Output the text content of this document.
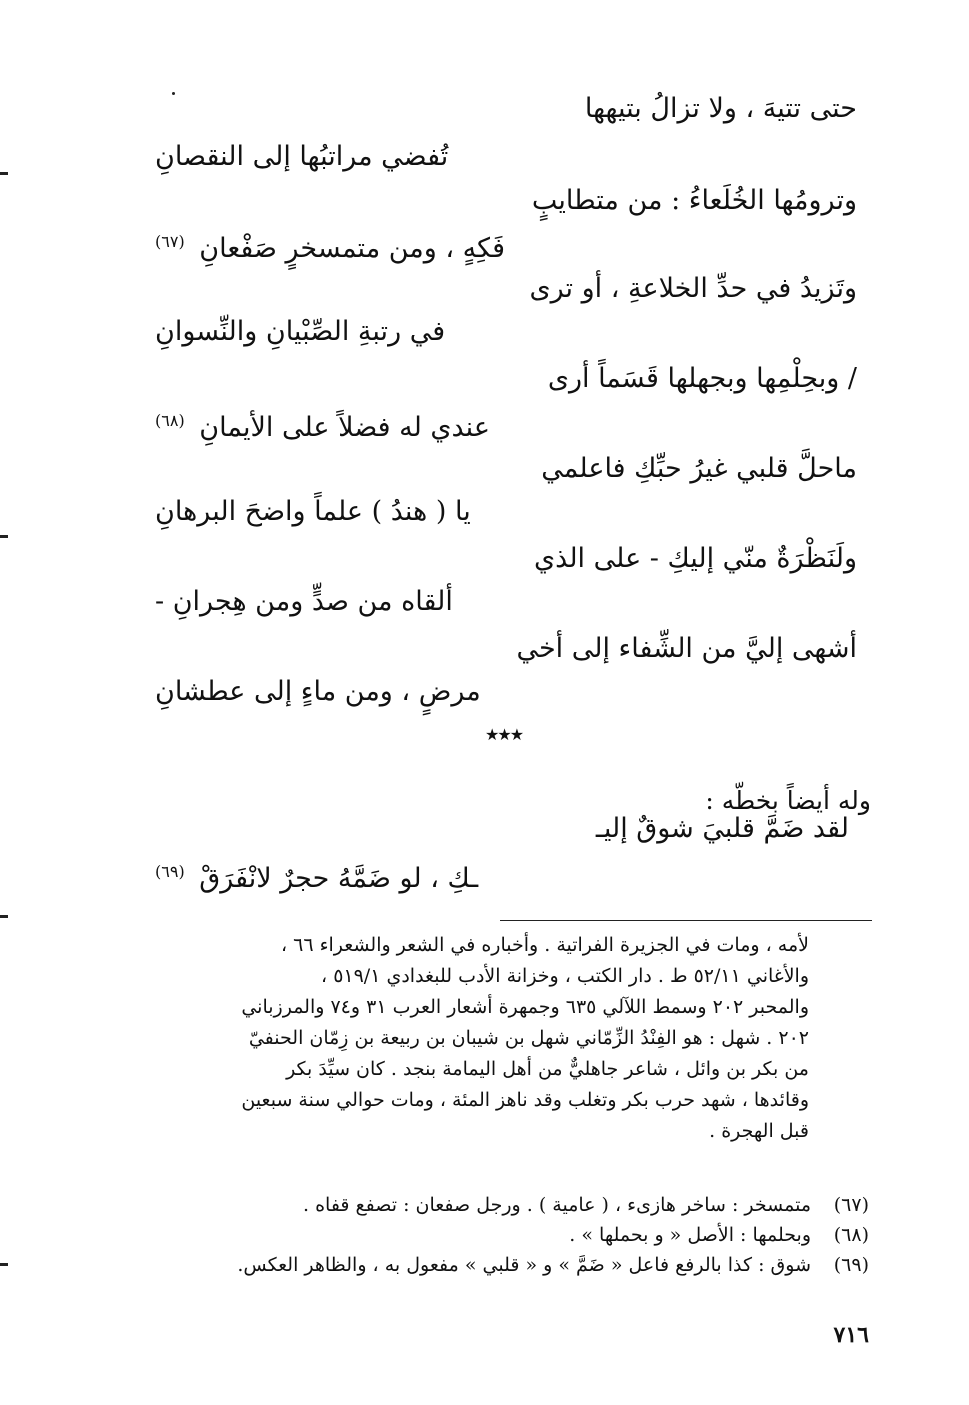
حتى تتيهَ ، ولا تزالُ بتيهها
تُفضي مراتبُها إلى النقصانِ
وترومُها الخُلَعاءُ : من متطايبٍ
فَكِهٍ ، ومن متمسخرٍ صَفْعانِ $^{(٦٧)}$
وتَزيدُ في حدِّ الخلاعةِ ، أو ترى
في رتبةِ الصِّبْيانِ والنِّسوانِ
/ وبحِلْمِها وبجهلها قَسَماً أرى
عندي له فضلاً على الأيمانِ $^{(٦٨)}$
ماحلَّ قلبي غيرُ حبِّكِ فاعلمي
يا ( هندُ ) علماً واضحَ البرهانِ
ولَنَظْرَةٌ منّي إليكِ - على الذي
ألقاه من صدٍّ ومن هِجرانِ -
أشهى إليَّ من الشِّفاء إلى أخي
مرضٍ ، ومن ماءٍ إلى عطشانِ
★★★
وله أيضاً بخطّه :
لقد ضَمَّ قلبيَ شوقٌ إليـ
ـكِ ، لو ضَمَّهُ حجرٌ لانْفَرَقْ $^{(٦٩)}$

لأمه ، ومات في الجزيرة الفراتية . وأخباره في الشعر والشعراء ٦٦ ،

والأغاني ٥٢/١١ ط . دار الكتب ، وخزانة الأدب للبغدادي ٥١٩/١ ،

والمحبر ٢٠٢ وسمط اللآلي ٦٣٥ وجمهرة أشعار العرب ٣١ و٧٤ والمرزباني

٢٠٢ . شهل : هو الفِنْدُ الزِّمّاني شهل بن شيبان بن ربيعة بن زِمّان الحنفيّ

من بكر بن وائل ، شاعر جاهليٌّ من أهل اليمامة بنجد . كان سيِّدَ بكر

وقائدها ، شهد حرب بكر وتغلب وقد ناهز المئة ، ومات حوالي سنة سبعين

قبل الهجرة .

(٦٧)
متمسخر : ساخر هازىء ، ( عامية ) . ورجل صفعان : تصفع قفاه .
(٦٨)
وبحلمها : الأصل « و بحملها » .
(٦٩)
شوق : كذا بالرفع فاعل « ضَمَّ » و « قلبي » مفعول به ، والظاهر العكس.
٧١٦
